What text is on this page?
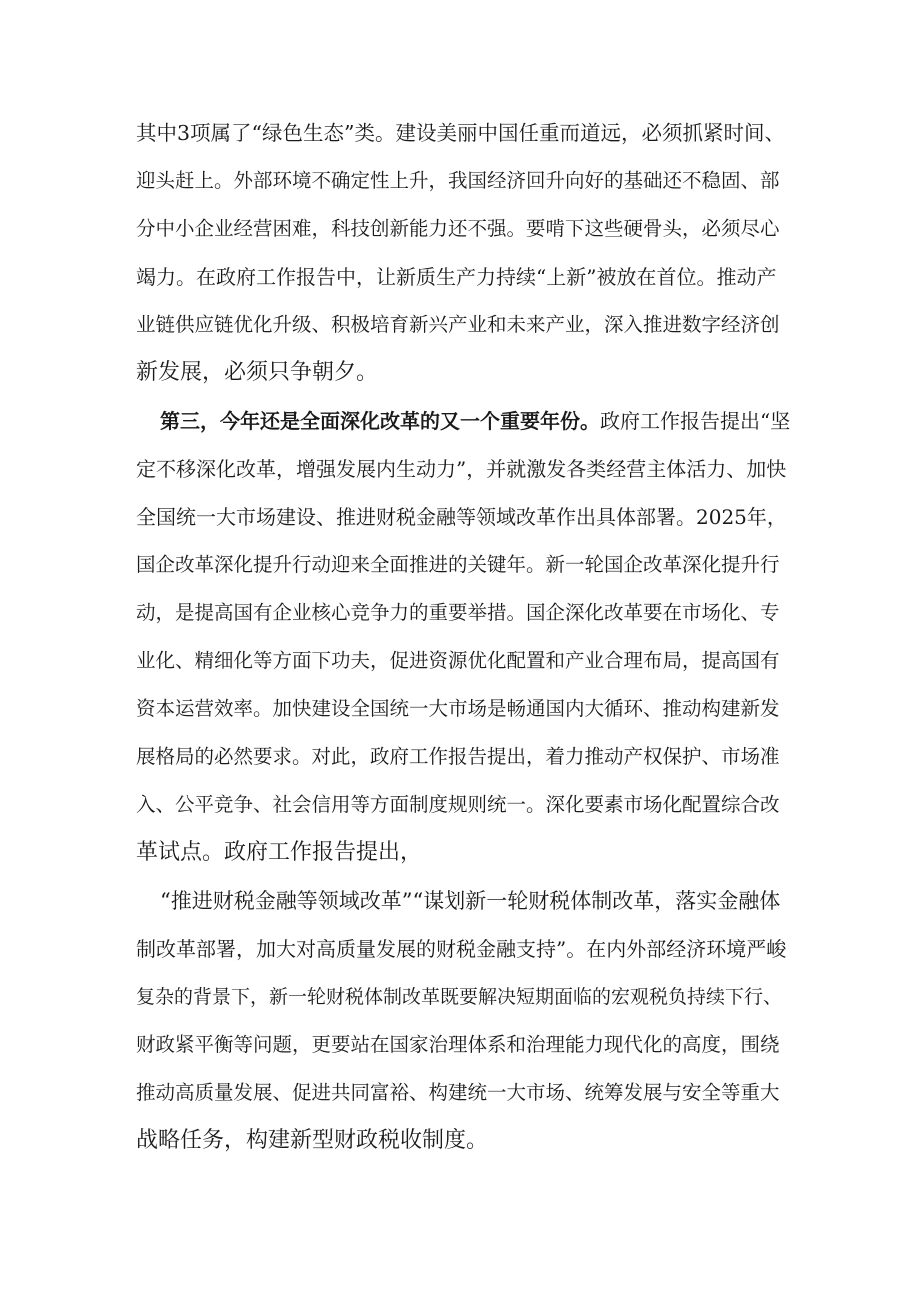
其中3项属了“绿色生态”类。建设美丽中国任重而道远，必须抓紧时间、
迎头赶上。外部环境不确定性上升，我国经济回升向好的基础还不稳固、部
分中小企业经营困难，科技创新能力还不强。要啃下这些硬骨头，必须尽心
竭力。在政府工作报告中，让新质生产力持续“上新”被放在首位。推动产
业链供应链优化升级、积极培育新兴产业和未来产业，深入推进数字经济创
新发展，必须只争朝夕。
第三，今年还是全面深化改革的又一个重要年份。政府工作报告提出“坚
定不移深化改革，增强发展内生动力”，并就激发各类经营主体活力、加快
全国统一大市场建设、推进财税金融等领域改革作出具体部署。2025年，
国企改革深化提升行动迎来全面推进的关键年。新一轮国企改革深化提升行
动，是提高国有企业核心竞争力的重要举措。国企深化改革要在市场化、专
业化、精细化等方面下功夫，促进资源优化配置和产业合理布局，提高国有
资本运营效率。加快建设全国统一大市场是畅通国内大循环、推动构建新发
展格局的必然要求。对此，政府工作报告提出，着力推动产权保护、市场准
入、公平竞争、社会信用等方面制度规则统一。深化要素市场化配置综合改
革试点。政府工作报告提出，
“推进财税金融等领域改革”“谋划新一轮财税体制改革，落实金融体
制改革部署，加大对高质量发展的财税金融支持”。在内外部经济环境严峻
复杂的背景下，新一轮财税体制改革既要解决短期面临的宏观税负持续下行、
财政紧平衡等问题，更要站在国家治理体系和治理能力现代化的高度，围绕
推动高质量发展、促进共同富裕、构建统一大市场、统筹发展与安全等重大
战略任务，构建新型财政税收制度。
